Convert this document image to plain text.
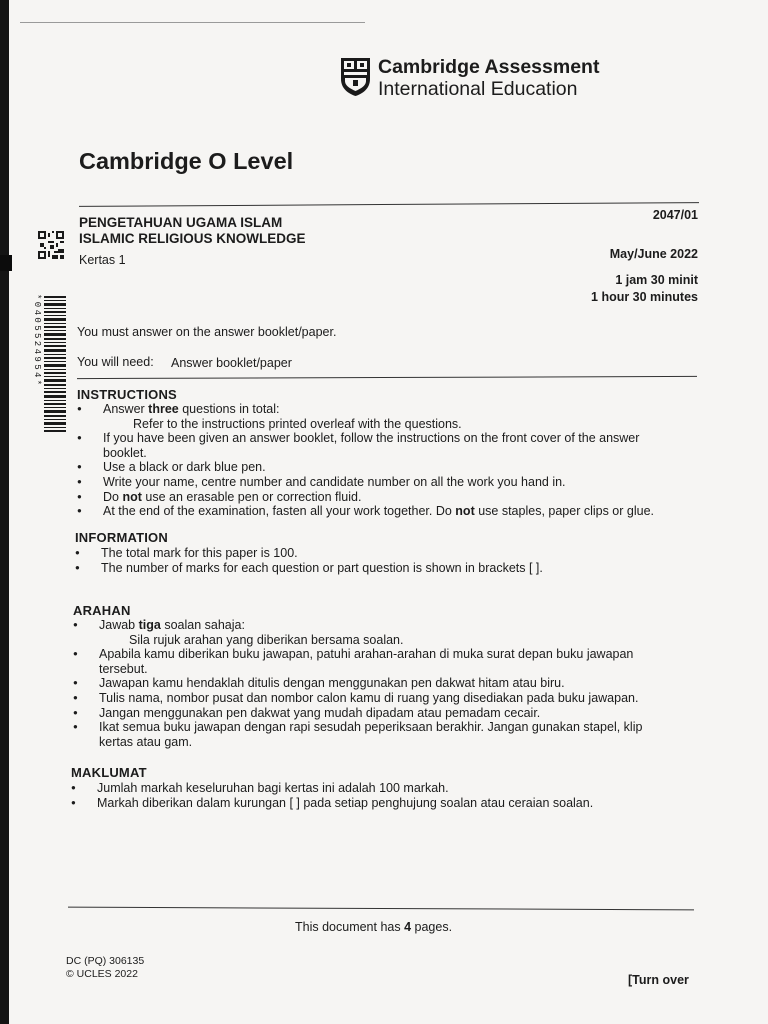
Cambridge Assessment
International Education
Cambridge O Level
*0405524954*
PENGETAHUAN UGAMA ISLAM
ISLAMIC RELIGIOUS KNOWLEDGE
Kertas 1
2047/01
May/June 2022
1 jam 30 minit
1 hour 30 minutes
You must answer on the answer booklet/paper.
You will need: Answer booklet/paper
INSTRUCTIONS
● Answer three questions in total:
Refer to the instructions printed overleaf with the questions.
● If you have been given an answer booklet, follow the instructions on the front cover of the answer booklet.
● Use a black or dark blue pen.
● Write your name, centre number and candidate number on all the work you hand in.
● Do not use an erasable pen or correction fluid.
● At the end of the examination, fasten all your work together. Do not use staples, paper clips or glue.
INFORMATION
● The total mark for this paper is 100.
● The number of marks for each question or part question is shown in brackets [ ].
ARAHAN
● Jawab tiga soalan sahaja:
Sila rujuk arahan yang diberikan bersama soalan.
● Apabila kamu diberikan buku jawapan, patuhi arahan-arahan di muka surat depan buku jawapan tersebut.
● Jawapan kamu hendaklah ditulis dengan menggunakan pen dakwat hitam atau biru.
● Tulis nama, nombor pusat dan nombor calon kamu di ruang yang disediakan pada buku jawapan.
● Jangan menggunakan pen dakwat yang mudah dipadam atau pemadam cecair.
● Ikat semua buku jawapan dengan rapi sesudah peperiksaan berakhir. Jangan gunakan stapel, klip kertas atau gam.
MAKLUMAT
● Jumlah markah keseluruhan bagi kertas ini adalah 100 markah.
● Markah diberikan dalam kurungan [ ] pada setiap penghujung soalan atau ceraian soalan.
This document has 4 pages.
DC (PQ) 306135
© UCLES 2022	[Turn over
